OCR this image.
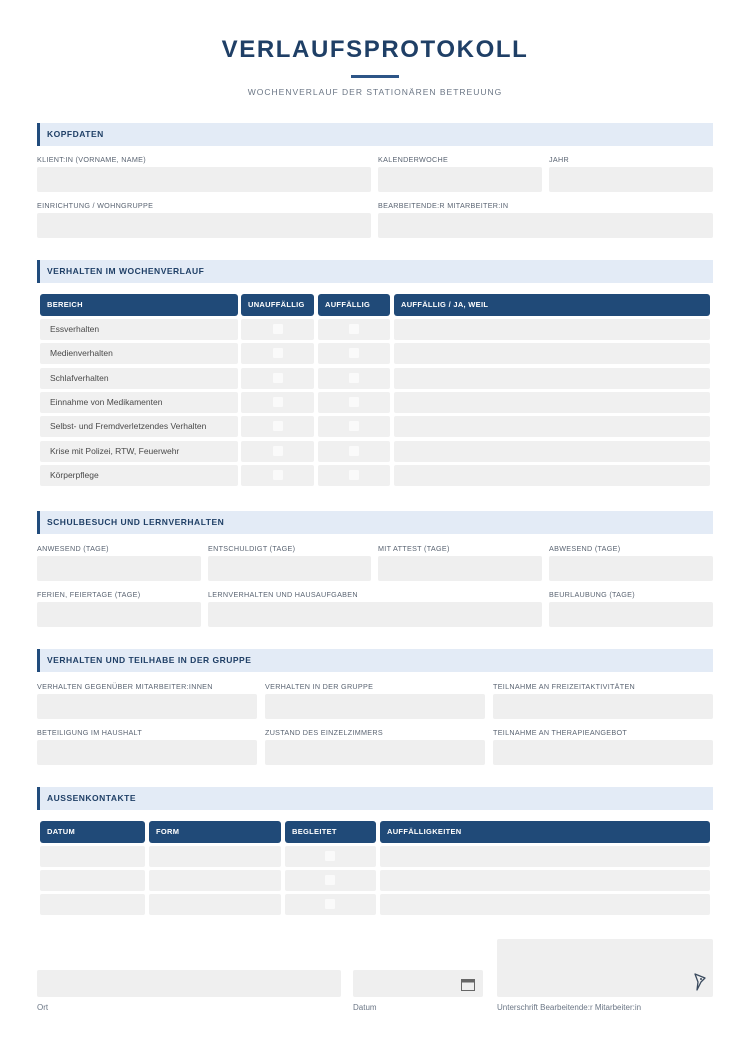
VERLAUFSPROTOKOLL
WOCHENVERLAUF DER STATIONÄREN BETREUUNG
KOPFDATEN
KLIENT:IN (VORNAME, NAME)	KALENDERWOCHE	JAHR
EINRICHTUNG / WOHNGRUPPE	BEARBEITENDE:R MITARBEITER:IN
VERHALTEN IM WOCHENVERLAUF
BEREICH	UNAUFFÄLLIG	AUFFÄLLIG	AUFFÄLLIG / JA, WEIL
Essverhalten
Medienverhalten
Schlafverhalten
Einnahme von Medikamenten
Selbst- und Fremdverletzendes Verhalten
Krise mit Polizei, RTW, Feuerwehr
Körperpflege
SCHULBESUCH UND LERNVERHALTEN
ANWESEND (TAGE)	ENTSCHULDIGT (TAGE)	MIT ATTEST (TAGE)	ABWESEND (TAGE)
FERIEN, FEIERTAGE (TAGE)	LERNVERHALTEN UND HAUSAUFGABEN	BEURLAUBUNG (TAGE)
VERHALTEN UND TEILHABE IN DER GRUPPE
VERHALTEN GEGENÜBER MITARBEITER:INNEN	VERHALTEN IN DER GRUPPE	TEILNAHME AN FREIZEITAKTIVITÄTEN
BETEILIGUNG IM HAUSHALT	ZUSTAND DES EINZELZIMMERS	TEILNAHME AN THERAPIEANGEBOT
AUSSENKONTAKTE
DATUM	FORM	BEGLEITET	AUFFÄLLIGKEITEN
Ort	Datum	Unterschrift Bearbeitende:r Mitarbeiter:in
